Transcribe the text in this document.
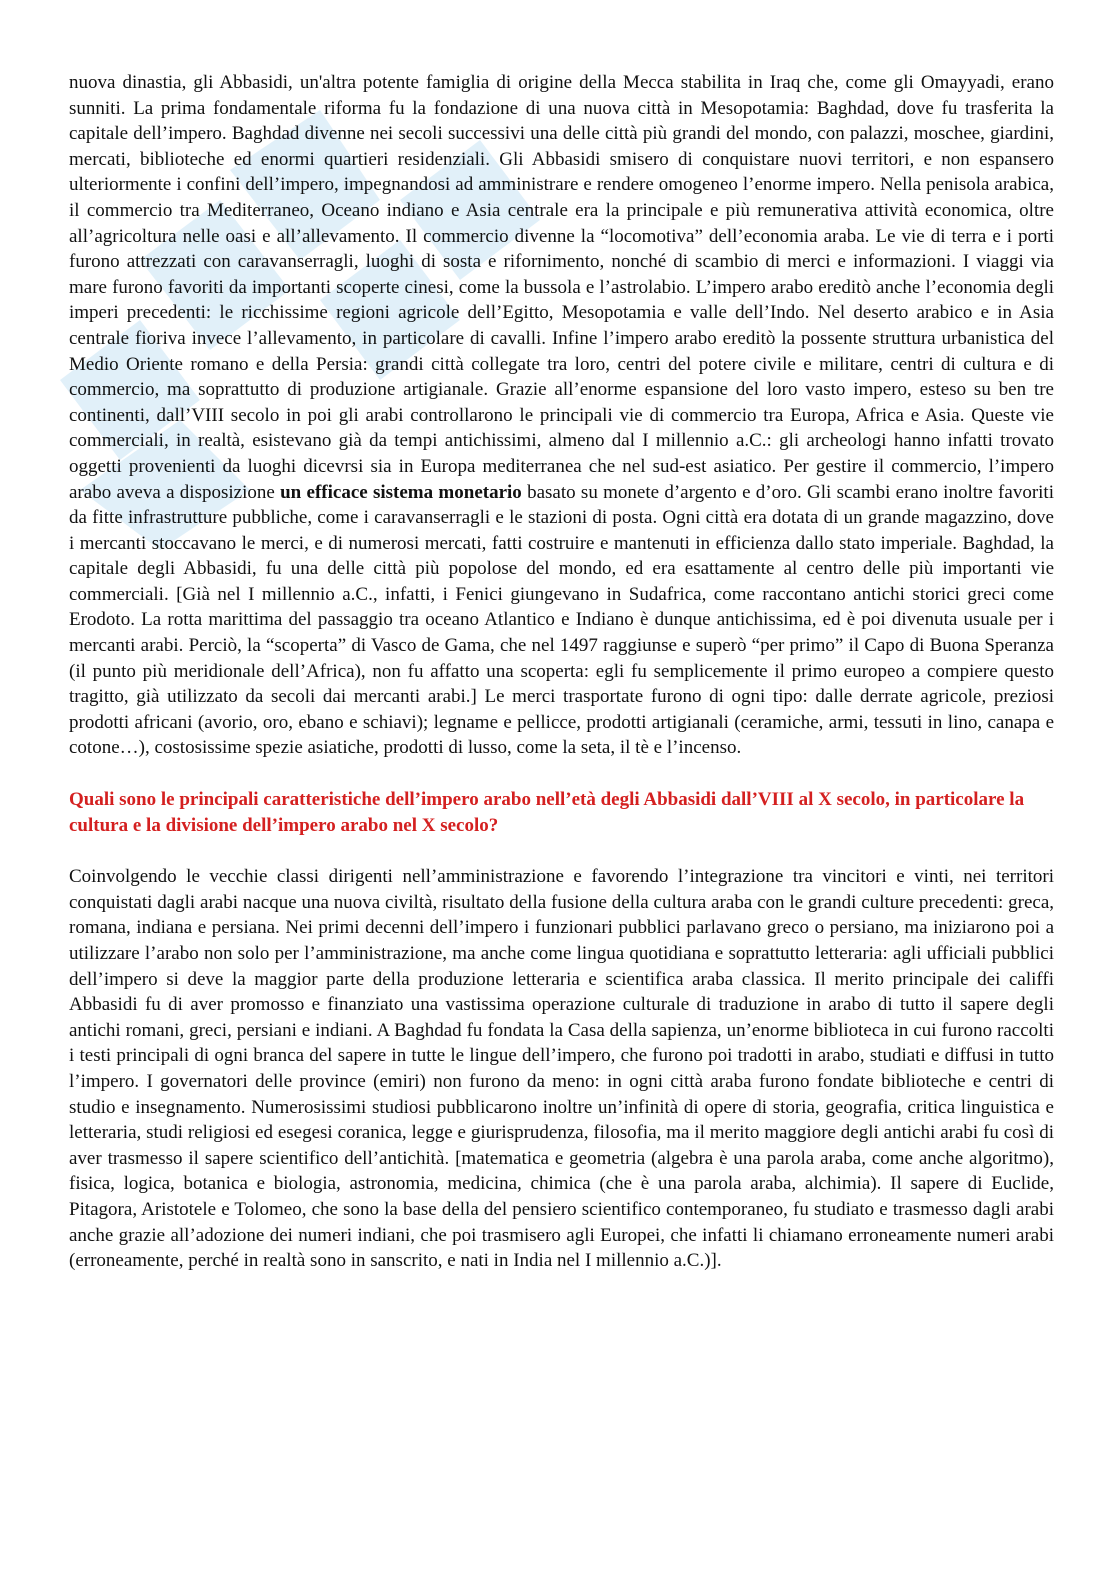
nuova dinastia, gli Abbasidi, un'altra potente famiglia di origine della Mecca stabilita in Iraq che, come gli Omayyadi, erano sunniti. La prima fondamentale riforma fu la fondazione di una nuova città in Mesopotamia: Baghdad, dove fu trasferita la capitale dell’impero. Baghdad divenne nei secoli successivi una delle città più grandi del mondo, con palazzi, moschee, giardini, mercati, biblioteche ed enormi quartieri residenziali. Gli Abbasidi smisero di conquistare nuovi territori, e non espansero ulteriormente i confini dell’impero, impegnandosi ad amministrare e rendere omogeneo l’enorme impero. Nella penisola arabica, il commercio tra Mediterraneo, Oceano indiano e Asia centrale era la principale e più remunerativa attività economica, oltre all’agricoltura nelle oasi e all’allevamento. Il commercio divenne la “locomotiva” dell’economia araba. Le vie di terra e i porti furono attrezzati con caravanserragli, luoghi di sosta e rifornimento, nonché di scambio di merci e informazioni. I viaggi via mare furono favoriti da importanti scoperte cinesi, come la bussola e l’astrolabio. L’impero arabo ereditò anche l’economia degli imperi precedenti: le ricchissime regioni agricole dell’Egitto, Mesopotamia e valle dell’Indo. Nel deserto arabico e in Asia centrale fioriva invece l’allevamento, in particolare di cavalli. Infine l’impero arabo ereditò la possente struttura urbanistica del Medio Oriente romano e della Persia: grandi città collegate tra loro, centri del potere civile e militare, centri di cultura e di commercio, ma soprattutto di produzione artigianale. Grazie all’enorme espansione del loro vasto impero, esteso su ben tre continenti, dall’VIII secolo in poi gli arabi controllarono le principali vie di commercio tra Europa, Africa e Asia. Queste vie commerciali, in realtà, esistevano già da tempi antichissimi, almeno dal I millennio a.C.: gli archeologi hanno infatti trovato oggetti provenienti da luoghi dicevrsi sia in Europa mediterranea che nel sud-est asiatico. Per gestire il commercio, l’impero arabo aveva a disposizione un efficace sistema monetario basato su monete d’argento e d’oro. Gli scambi erano inoltre favoriti da fitte infrastrutture pubbliche, come i caravanserragli e le stazioni di posta. Ogni città era dotata di un grande magazzino, dove i mercanti stoccavano le merci, e di numerosi mercati, fatti costruire e mantenuti in efficienza dallo stato imperiale. Baghdad, la capitale degli Abbasidi, fu una delle città più popolose del mondo, ed era esattamente al centro delle più importanti vie commerciali. [Già nel I millennio a.C., infatti, i Fenici giungevano in Sudafrica, come raccontano antichi storici greci come Erodoto. La rotta marittima del passaggio tra oceano Atlantico e Indiano è dunque antichissima, ed è poi divenuta usuale per i mercanti arabi. Perciò, la “scoperta” di Vasco de Gama, che nel 1497 raggiunse e superò “per primo” il Capo di Buona Speranza (il punto più meridionale dell’Africa), non fu affatto una scoperta: egli fu semplicemente il primo europeo a compiere questo tragitto, già utilizzato da secoli dai mercanti arabi.] Le merci trasportate furono di ogni tipo: dalle derrate agricole, preziosi prodotti africani (avorio, oro, ebano e schiavi); legname e pellicce, prodotti artigianali (ceramiche, armi, tessuti in lino, canapa e cotone…), costosissime spezie asiatiche, prodotti di lusso, come la seta, il tè e l’incenso.

Quali sono le principali caratteristiche dell’impero arabo nell’età degli Abbasidi dall’VIII al X secolo, in particolare la cultura e la divisione dell’impero arabo nel X secolo?

Coinvolgendo le vecchie classi dirigenti nell’amministrazione e favorendo l’integrazione tra vincitori e vinti, nei territori conquistati dagli arabi nacque una nuova civiltà, risultato della fusione della cultura araba con le grandi culture precedenti: greca, romana, indiana e persiana. Nei primi decenni dell’impero i funzionari pubblici parlavano greco o persiano, ma iniziarono poi a utilizzare l’arabo non solo per l’amministrazione, ma anche come lingua quotidiana e soprattutto letteraria: agli ufficiali pubblici dell’impero si deve la maggior parte della produzione letteraria e scientifica araba classica. Il merito principale dei califfi Abbasidi fu di aver promosso e finanziato una vastissima operazione culturale di traduzione in arabo di tutto il sapere degli antichi romani, greci, persiani e indiani. A Baghdad fu fondata la Casa della sapienza, un’enorme biblioteca in cui furono raccolti i testi principali di ogni branca del sapere in tutte le lingue dell’impero, che furono poi tradotti in arabo, studiati e diffusi in tutto l’impero. I governatori delle province (emiri) non furono da meno: in ogni città araba furono fondate biblioteche e centri di studio e insegnamento. Numerosissimi studiosi pubblicarono inoltre un’infinità di opere di storia, geografia, critica linguistica e letteraria, studi religiosi ed esegesi coranica, legge e giurisprudenza, filosofia, ma il merito maggiore degli antichi arabi fu così di aver trasmesso il sapere scientifico dell’antichità. [matematica e geometria (algebra è una parola araba, come anche algoritmo), fisica, logica, botanica e biologia, astronomia, medicina, chimica (che è una parola araba, alchimia). Il sapere di Euclide, Pitagora, Aristotele e Tolomeo, che sono la base della del pensiero scientifico contemporaneo, fu studiato e trasmesso dagli arabi anche grazie all’adozione dei numeri indiani, che poi trasmisero agli Europei, che infatti li chiamano erroneamente numeri arabi (erroneamente, perché in realtà sono in sanscrito, e nati in India nel I millennio a.C.)].
